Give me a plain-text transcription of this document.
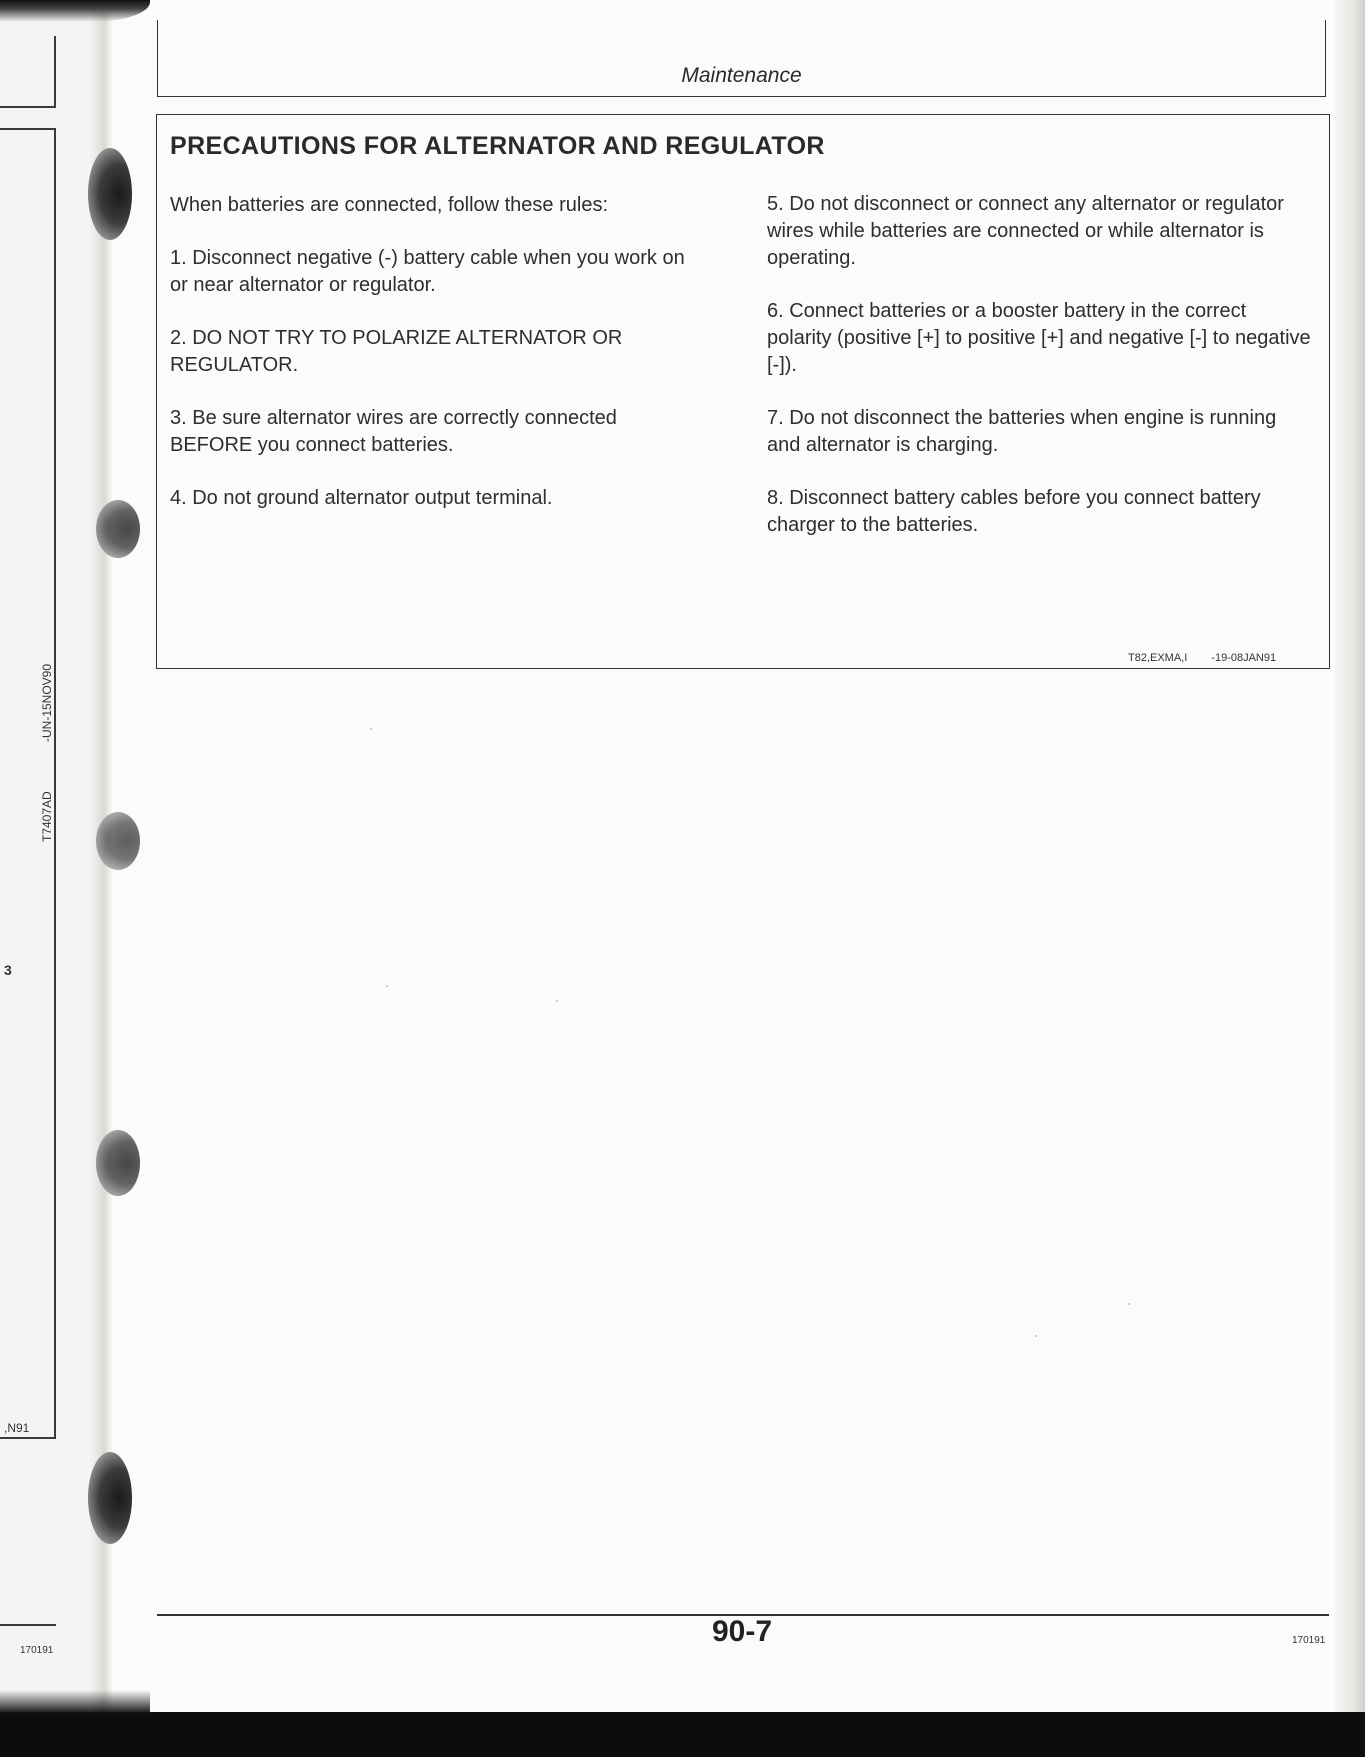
T7407AD
-UN-15NOV90
3
,N91
170191
Maintenance
PRECAUTIONS FOR ALTERNATOR AND REGULATOR

When batteries are connected, follow these rules:

1. Disconnect negative (-) battery cable when you work on or near alternator or regulator.

2. DO NOT TRY TO POLARIZE ALTERNATOR OR REGULATOR.

3. Be sure alternator wires are correctly connected BEFORE you connect batteries.

4. Do not ground alternator output terminal.

5. Do not disconnect or connect any alternator or regulator wires while batteries are connected or while alternator is operating.

6. Connect batteries or a booster battery in the correct polarity (positive [+] to positive [+] and negative [-] to negative [-]).

7. Do not disconnect the batteries when engine is running and alternator is charging.

8. Disconnect battery cables before you connect battery charger to the batteries.

T82,EXMA,I -19-08JAN91
90-7	170191
